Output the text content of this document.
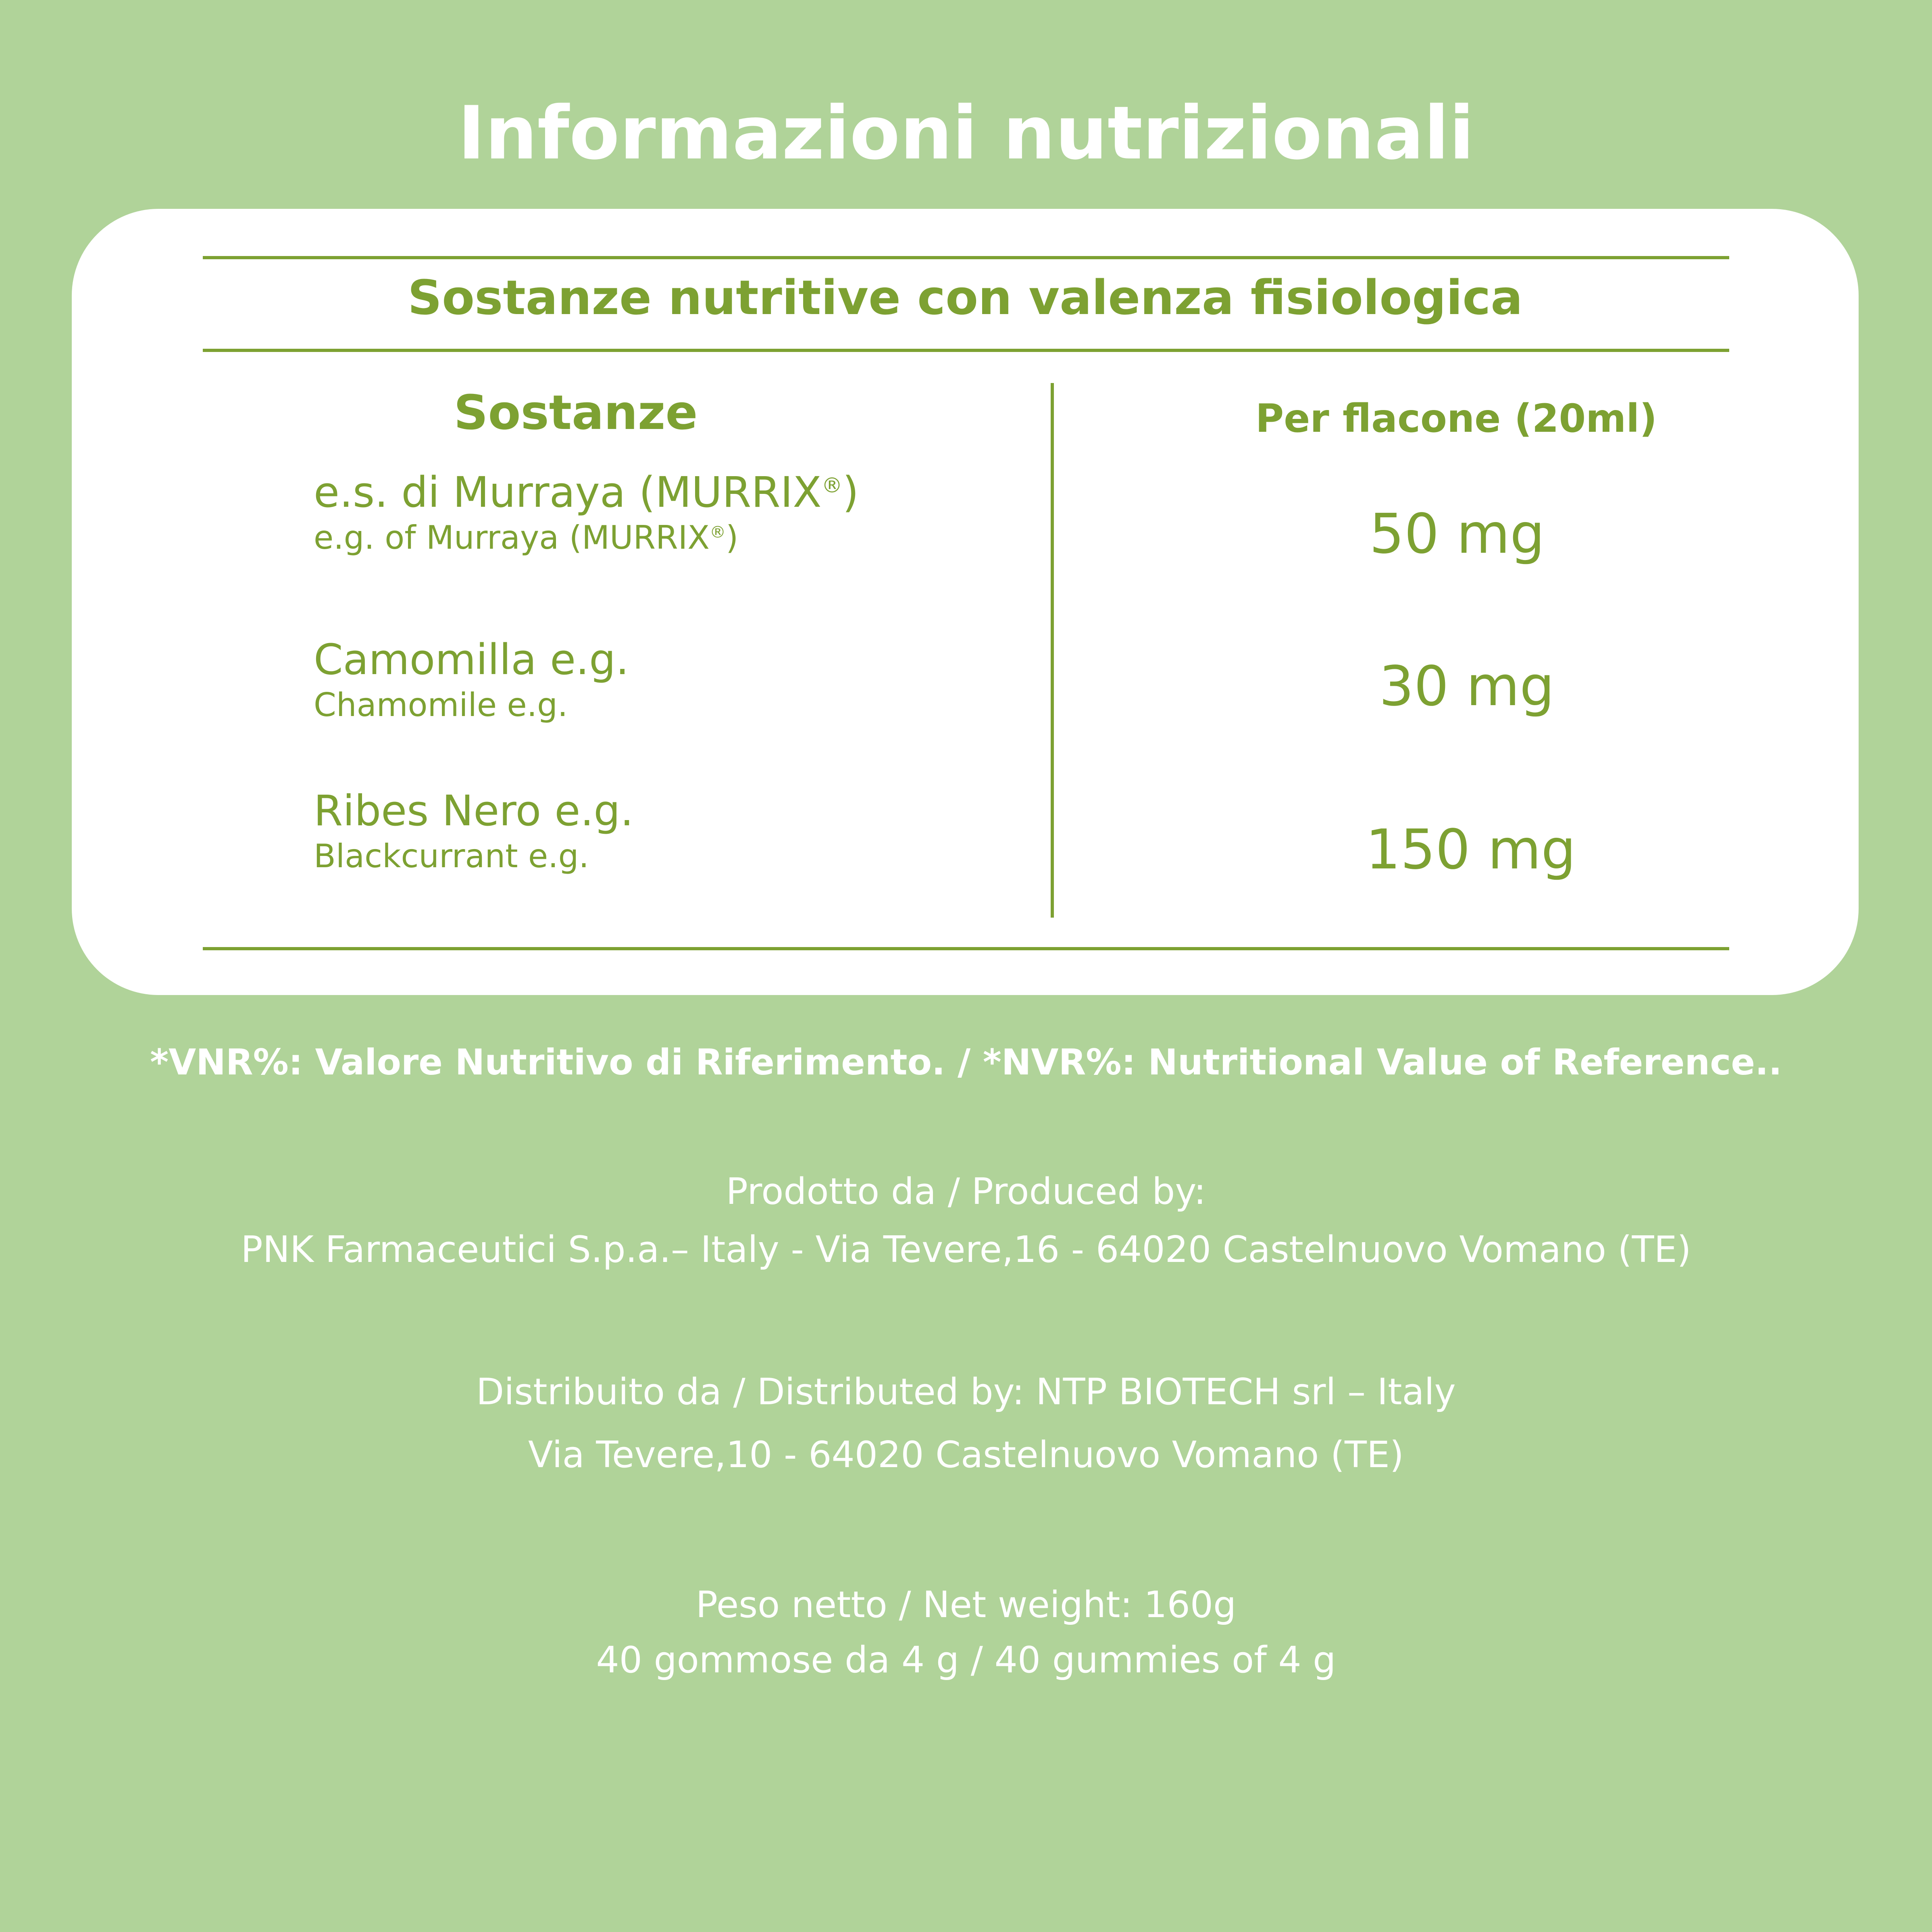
Informazioni nutrizionali
Sostanze nutritive con valenza fisiologica
Sostanze	Per flacone (20ml)
e.s. di Murraya (MURRIX®)
e.g. of Murraya (MURRIX®)	50 mg
Camomilla e.g.
Chamomile e.g.	30 mg
Ribes Nero e.g.
Blackcurrant e.g.	150 mg
*VNR%: Valore Nutritivo di Riferimento. / *NVR%: Nutritional Value of Reference..
Prodotto da / Produced by:
PNK Farmaceutici S.p.a.– Italy - Via Tevere,16 - 64020 Castelnuovo Vomano (TE)
Distribuito da / Distributed by: NTP BIOTECH srl – Italy
Via Tevere,10 - 64020 Castelnuovo Vomano (TE)
Peso netto / Net weight: 160g
40 gommose da 4 g / 40 gummies of 4 g
